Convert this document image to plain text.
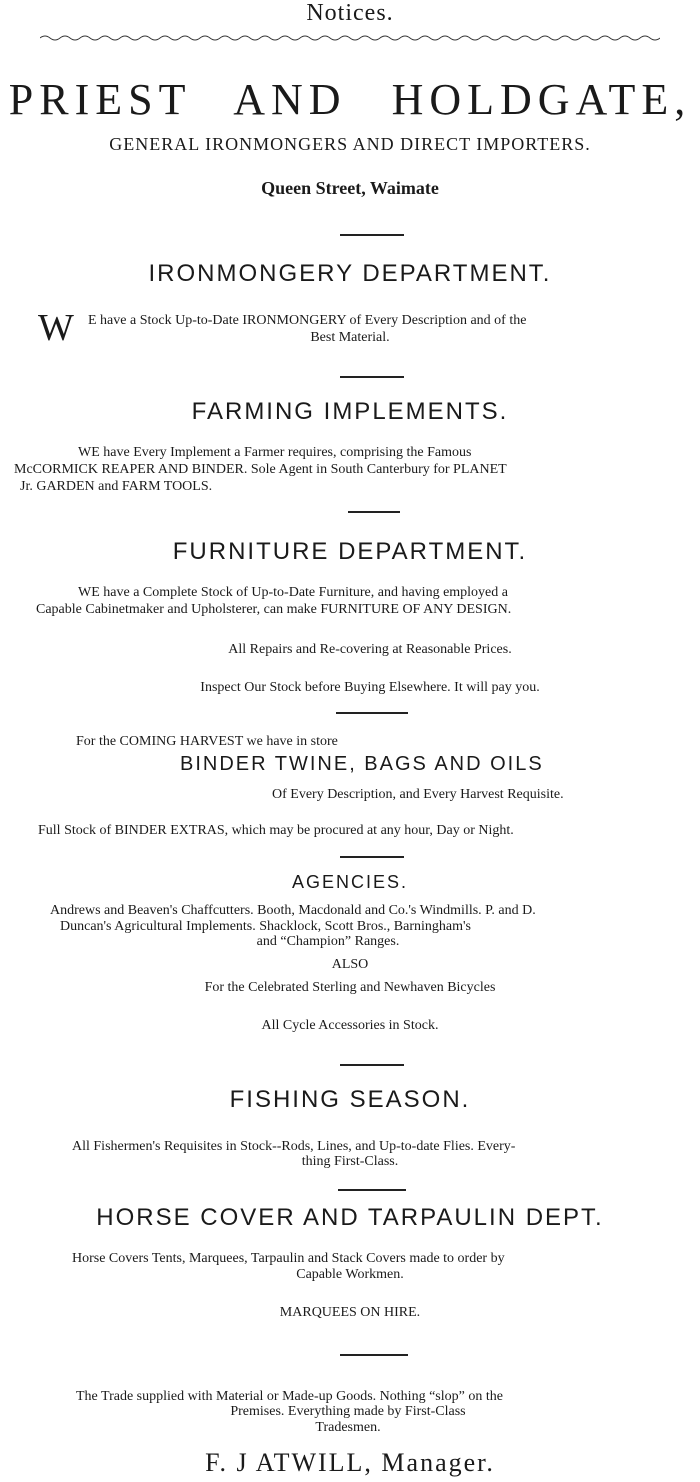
Notices.
PRIEST AND HOLDGATE,
GENERAL IRONMONGERS AND DIRECT IMPORTERS.
Queen Street, Waimate
IRONMONGERY DEPARTMENT.
W E have a Stock Up-to-Date IRONMONGERY of Every Description and of the
Best Material.
FARMING IMPLEMENTS.
WE have Every Implement a Farmer requires, comprising the Famous
McCORMICK REAPER AND BINDER. Sole Agent in South Canterbury for PLANET
Jr. GARDEN and FARM TOOLS.
FURNITURE DEPARTMENT.
WE have a Complete Stock of Up-to-Date Furniture, and having employed a
Capable Cabinetmaker and Upholsterer, can make FURNITURE OF ANY DESIGN.
All Repairs and Re-covering at Reasonable Prices.
Inspect Our Stock before Buying Elsewhere. It will pay you.
For the COMING HARVEST we have in store
BINDER TWINE, BAGS AND OILS
Of Every Description, and Every Harvest Requisite.
Full Stock of BINDER EXTRAS, which may be procured at any hour, Day or Night.
AGENCIES.
Andrews and Beaven's Chaffcutters. Booth, Macdonald and Co.'s Windmills. P. and D.
Duncan's Agricultural Implements. Shacklock, Scott Bros., Barningham's
and “Champion” Ranges.
ALSO
For the Celebrated Sterling and Newhaven Bicycles
All Cycle Accessories in Stock.
FISHING SEASON.
All Fishermen's Requisites in Stock--Rods, Lines, and Up-to-date Flies. Every-
thing First-Class.
HORSE COVER AND TARPAULIN DEPT.
Horse Covers Tents, Marquees, Tarpaulin and Stack Covers made to order by
Capable Workmen.
MARQUEES ON HIRE.
The Trade supplied with Material or Made-up Goods. Nothing “slop” on the
Premises. Everything made by First-Class
Tradesmen.
F. J ATWILL, Manager.
